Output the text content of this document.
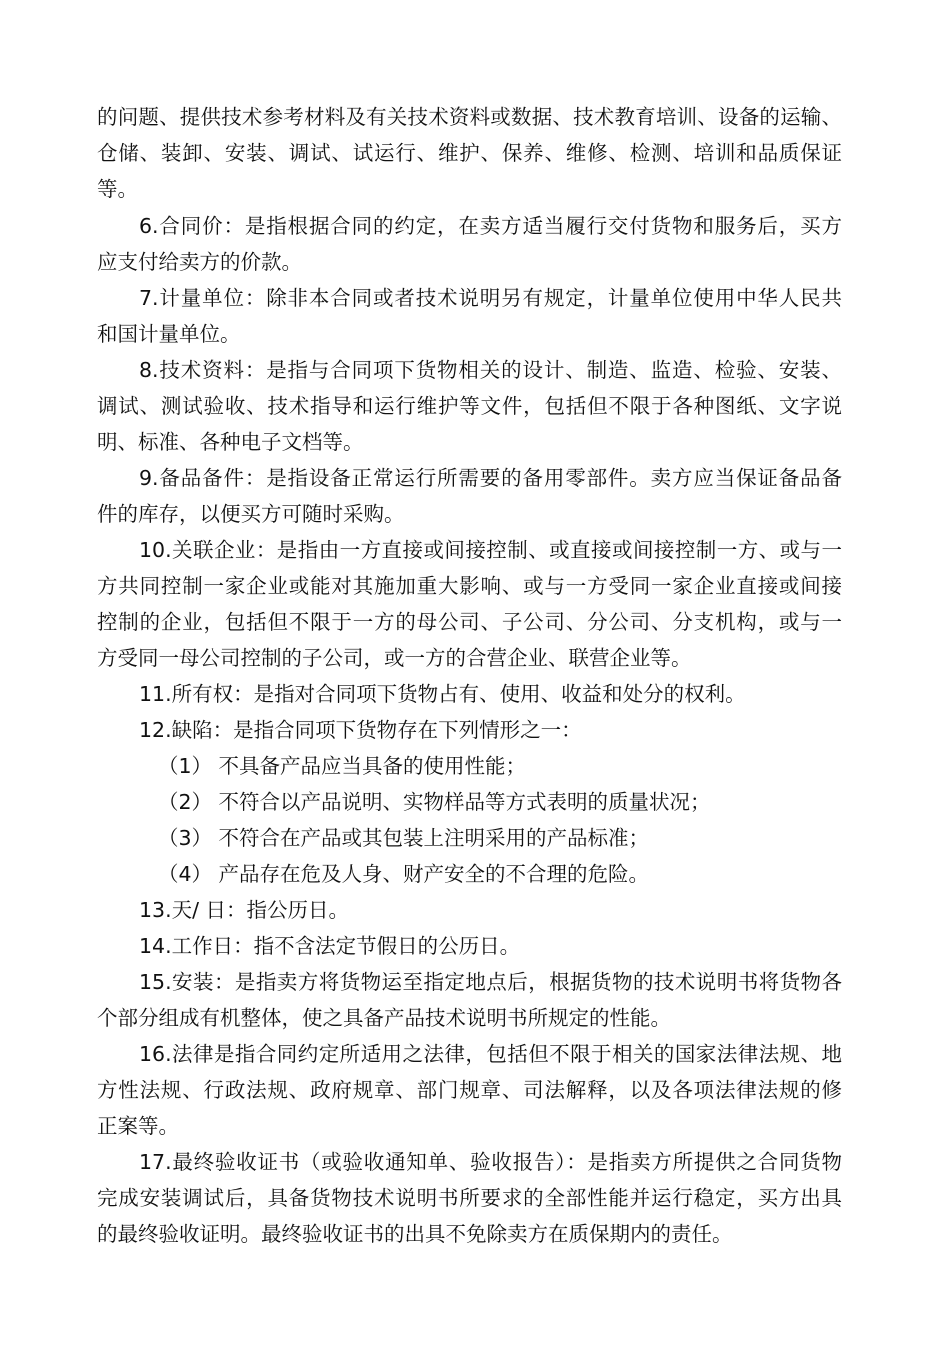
的问题、提供技术参考材料及有关技术资料或数据、技术教育培训、设备的运输、
仓储、装卸、安装、调试、试运行、维护、保养、维修、检测、培训和品质保证
等。
6.合同价：是指根据合同的约定，在卖方适当履行交付货物和服务后，买方
应支付给卖方的价款。
7.计量单位：除非本合同或者技术说明另有规定，计量单位使用中华人民共
和国计量单位。
8.技术资料：是指与合同项下货物相关的设计、制造、监造、检验、安装、
调试、测试验收、技术指导和运行维护等文件，包括但不限于各种图纸、文字说
明、标准、各种电子文档等。
9.备品备件：是指设备正常运行所需要的备用零部件。卖方应当保证备品备
件的库存，以便买方可随时采购。
10.关联企业：是指由一方直接或间接控制、或直接或间接控制一方、或与一
方共同控制一家企业或能对其施加重大影响、或与一方受同一家企业直接或间接
控制的企业，包括但不限于一方的母公司、子公司、分公司、分支机构，或与一
方受同一母公司控制的子公司，或一方的合营企业、联营企业等。
11.所有权：是指对合同项下货物占有、使用、收益和处分的权利。
12.缺陷：是指合同项下货物存在下列情形之一：
（1） 不具备产品应当具备的使用性能；
（2） 不符合以产品说明、实物样品等方式表明的质量状况；
（3） 不符合在产品或其包装上注明采用的产品标准；
（4） 产品存在危及人身、财产安全的不合理的危险。
13.天/ 日：指公历日。
14.工作日：指不含法定节假日的公历日。
15.安装：是指卖方将货物运至指定地点后，根据货物的技术说明书将货物各
个部分组成有机整体，使之具备产品技术说明书所规定的性能。
16.法律是指合同约定所适用之法律，包括但不限于相关的国家法律法规、地
方性法规、行政法规、政府规章、部门规章、司法解释，以及各项法律法规的修
正案等。
17.最终验收证书（或验收通知单、验收报告）：是指卖方所提供之合同货物
完成安装调试后，具备货物技术说明书所要求的全部性能并运行稳定，买方出具
的最终验收证明。最终验收证书的出具不免除卖方在质保期内的责任。
